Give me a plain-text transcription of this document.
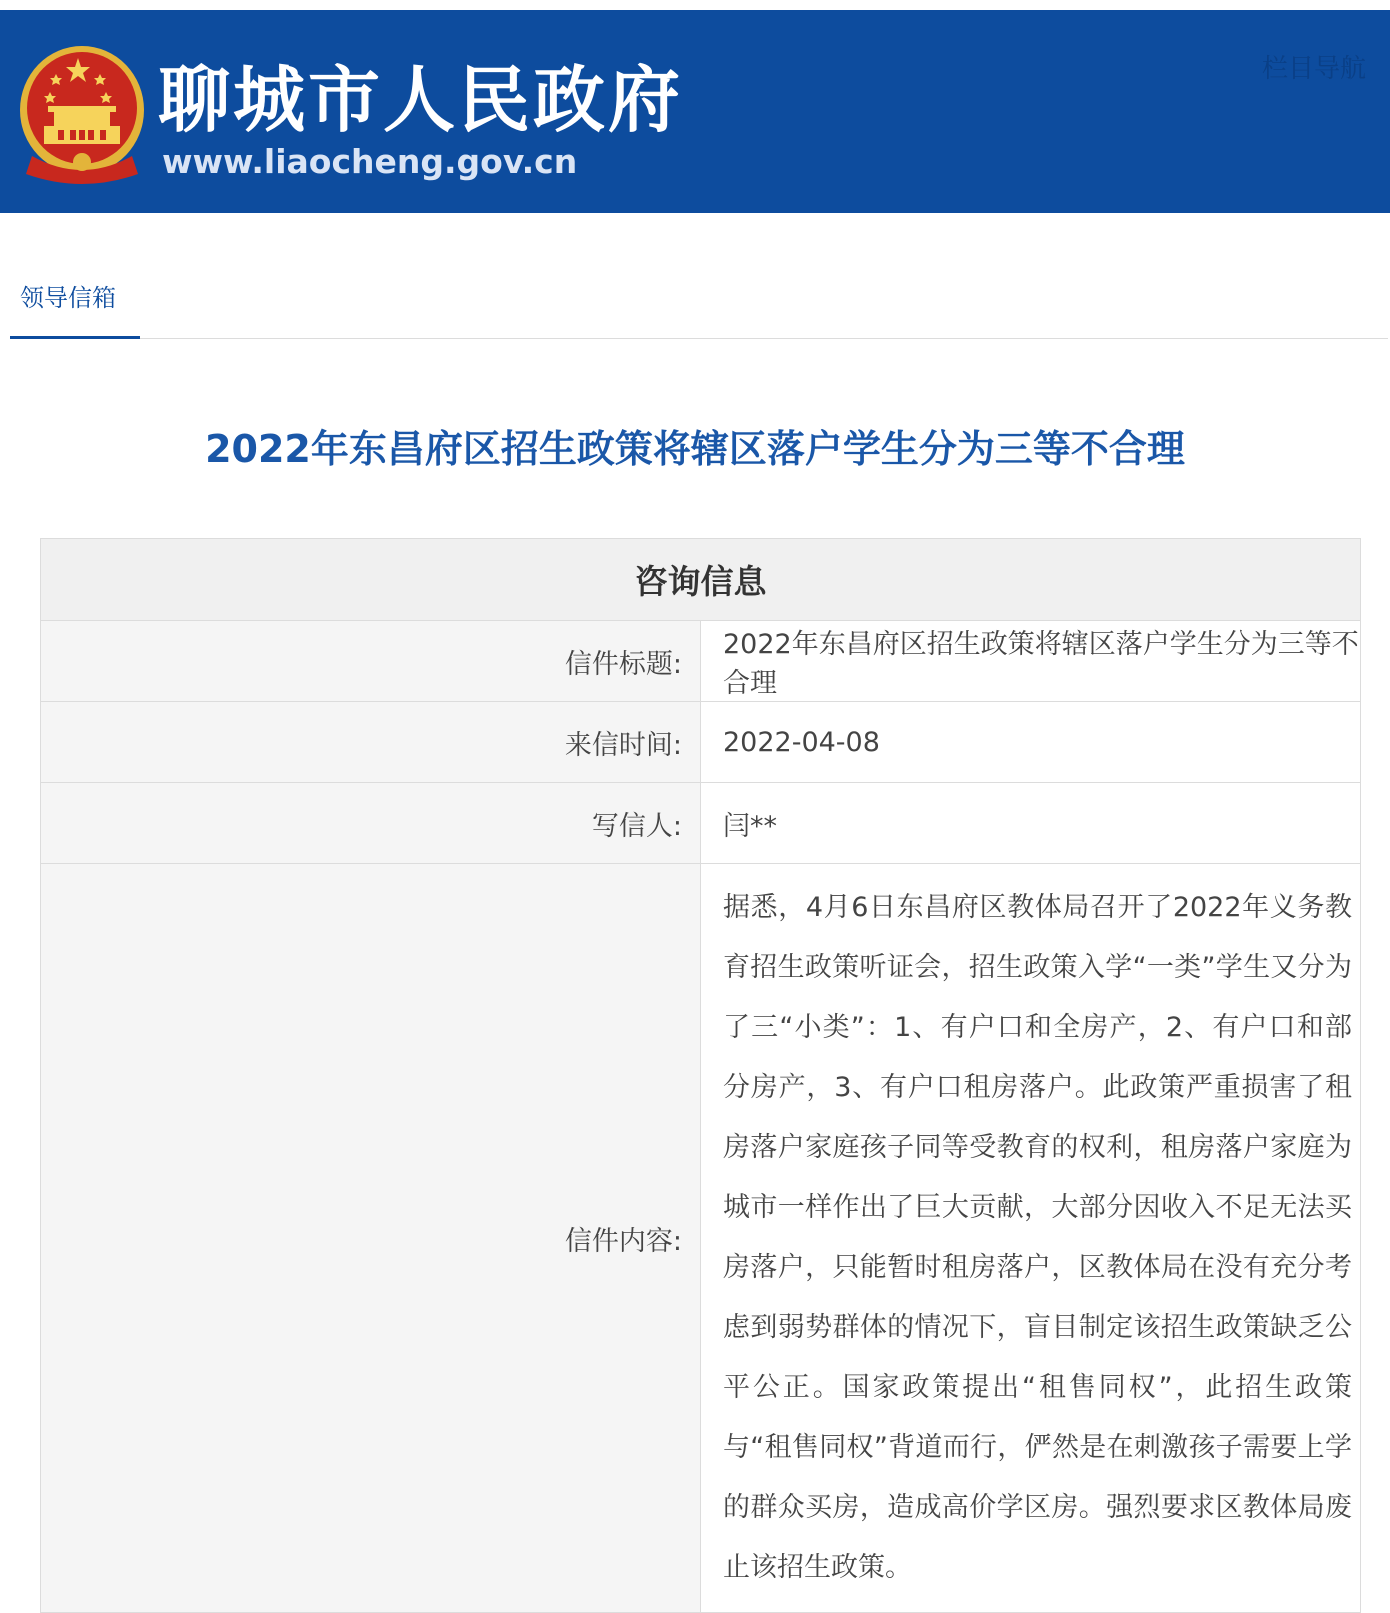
聊城市人民政府
www.liaocheng.gov.cn
栏目导航
领导信箱
2022年东昌府区招生政策将辖区落户学生分为三等不合理
咨询信息	
信件标题:	2022年东昌府区招生政策将辖区落户学生分为三等不合理
来信时间:	2022-04-08
写信人:	闫**
信件内容:	据悉，4月6日东昌府区教体局召开了2022年义务教育招生政策听证会，招生政策入学“一类”学生又分为了三“小类”：1、有户口和全房产，2、有户口和部分房产，3、有户口租房落户。此政策严重损害了租房落户家庭孩子同等受教育的权利，租房落户家庭为城市一样作出了巨大贡献，大部分因收入不足无法买房落户，只能暂时租房落户，区教体局在没有充分考虑到弱势群体的情况下，盲目制定该招生政策缺乏公平公正。国家政策提出“租售同权”，此招生政策与“租售同权”背道而行，俨然是在刺激孩子需要上学的群众买房，造成高价学区房。强烈要求区教体局废止该招生政策。
